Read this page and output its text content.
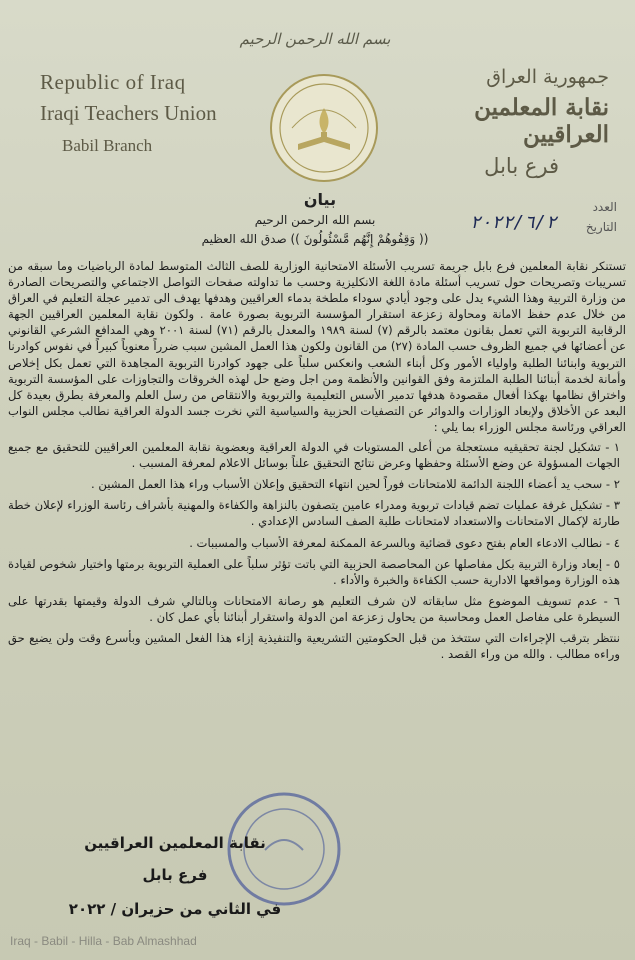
بسم الله الرحمن الرحيم
Republic of Iraq
Iraqi Teachers Union
Babil Branch
جمهورية العراق
نقابة المعلمين العراقيين
فرع بابل
العدد
التاريخ
٢٠٢٢/٦/٢
بيان
بسم الله الرحمن الرحيم
(( وَقِفُوهُمْ إِنَّهُم مَّسْئُولُونَ )) صدق الله العظيم

تستنكر نقابة المعلمين فرع بابل جريمة تسريب الأسئلة الامتحانية الوزارية للصف الثالث المتوسط لمادة الرياضيات وما سبقه من تسريبات وتصريحات حول تسريب أسئلة مادة اللغة الانكليزية وحسب ما تداولته صفحات التواصل الاجتماعي والتصريحات الصادرة من وزارة التربية وهذا الشيء يدل على وجود أيادي سوداء ملطخة بدماء العراقيين وهدفها يهدف الى تدمير عجلة التعليم في العراق من خلال عدم حفظ الامانة ومحاولة زعزعة استقرار المؤسسة التربوية بصورة عامة . ولكون نقابة المعلمين العراقيين الجهة الرقابية التربوية التي تعمل بقانون معتمد بالرقم (٧) لسنة ١٩٨٩ والمعدل بالرقم (٧١) لسنة ٢٠٠١ وهي المدافع الشرعي القانوني عن أعضائها في جميع الظروف حسب المادة (٢٧) من القانون ولكون هذا العمل المشين سبب ضرراً معنوياً كبيراً في نفوس كوادرنا التربوية وابنائنا الطلبة واولياء الأمور وكل أبناء الشعب وانعكس سلباً على جهود كوادرنا التربوية المجاهدة التي تعمل بكل إخلاص وأمانة لخدمة أبنائنا الطلبة الملتزمة وفق القوانين والأنظمة ومن اجل وضع حل لهذه الخروقات والتجاوزات على المؤسسة التربوية واختراق نظامها بهكذا أفعال مقصودة هدفها تدمير الأسس التعليمية والتربوية والانتقاص من رسل العلم والمعرفة بطرق بعيدة كل البعد عن الأخلاق ولإبعاد الوزارات والدوائر عن التصفيات الحزبية والسياسية التي نخرت جسد الدولة العراقية نطالب مجلس النواب العراقي ورئاسة مجلس الوزراء بما يلي :

١ - تشكيل لجنة تحقيقيه مستعجلة من أعلى المستويات في الدولة العراقية وبعضوية نقابة المعلمين العراقيين للتحقيق مع جميع الجهات المسؤولة عن وضع الأسئلة وحفظها وعرض نتائج التحقيق علناً بوسائل الاعلام لمعرفة المسبب .
٢ - سحب يد أعضاء اللجنة الدائمة للامتحانات فوراً لحين انتهاء التحقيق وإعلان الأسباب وراء هذا العمل المشين .
٣ - تشكيل غرفة عمليات تضم قيادات تربوية ومدراء عامين يتصفون بالنزاهة والكفاءة والمهنية بأشراف رئاسة الوزراء لإعلان خطة طارئة لإكمال الامتحانات والاستعداد لامتحانات طلبة الصف السادس الإعدادي .
٤ - نطالب الادعاء العام بفتح دعوى قضائية وبالسرعة الممكنة لمعرفة الأسباب والمسببات .
٥ - إبعاد وزارة التربية بكل مفاصلها عن المحاصصة الحزبية التي باتت تؤثر سلباً على العملية التربوية برمتها واختيار شخوص لقيادة هذه الوزارة ومواقعها الادارية حسب الكفاءة والخبرة والأداء .
٦ - عدم تسويف الموضوع مثل سابقاته لان شرف التعليم هو رصانة الامتحانات وبالتالي شرف الدولة وقيمتها بقدرتها على السيطرة على مفاصل العمل ومحاسبة من يحاول زعزعة امن الدولة واستقرار أبنائنا بأي عمل كان .
ننتظر بترقب الإجراءات التي ستتخذ من قبل الحكومتين التشريعية والتنفيذية إزاء هذا الفعل المشين وبأسرع وقت ولن يضيع حق وراءه مطالب . والله من وراء القصد .
نقابة المعلمين العراقيين
فرع بابل
في الثاني من حزيران / ٢٠٢٢
Iraq - Babil - Hilla - Bab Almashhad
